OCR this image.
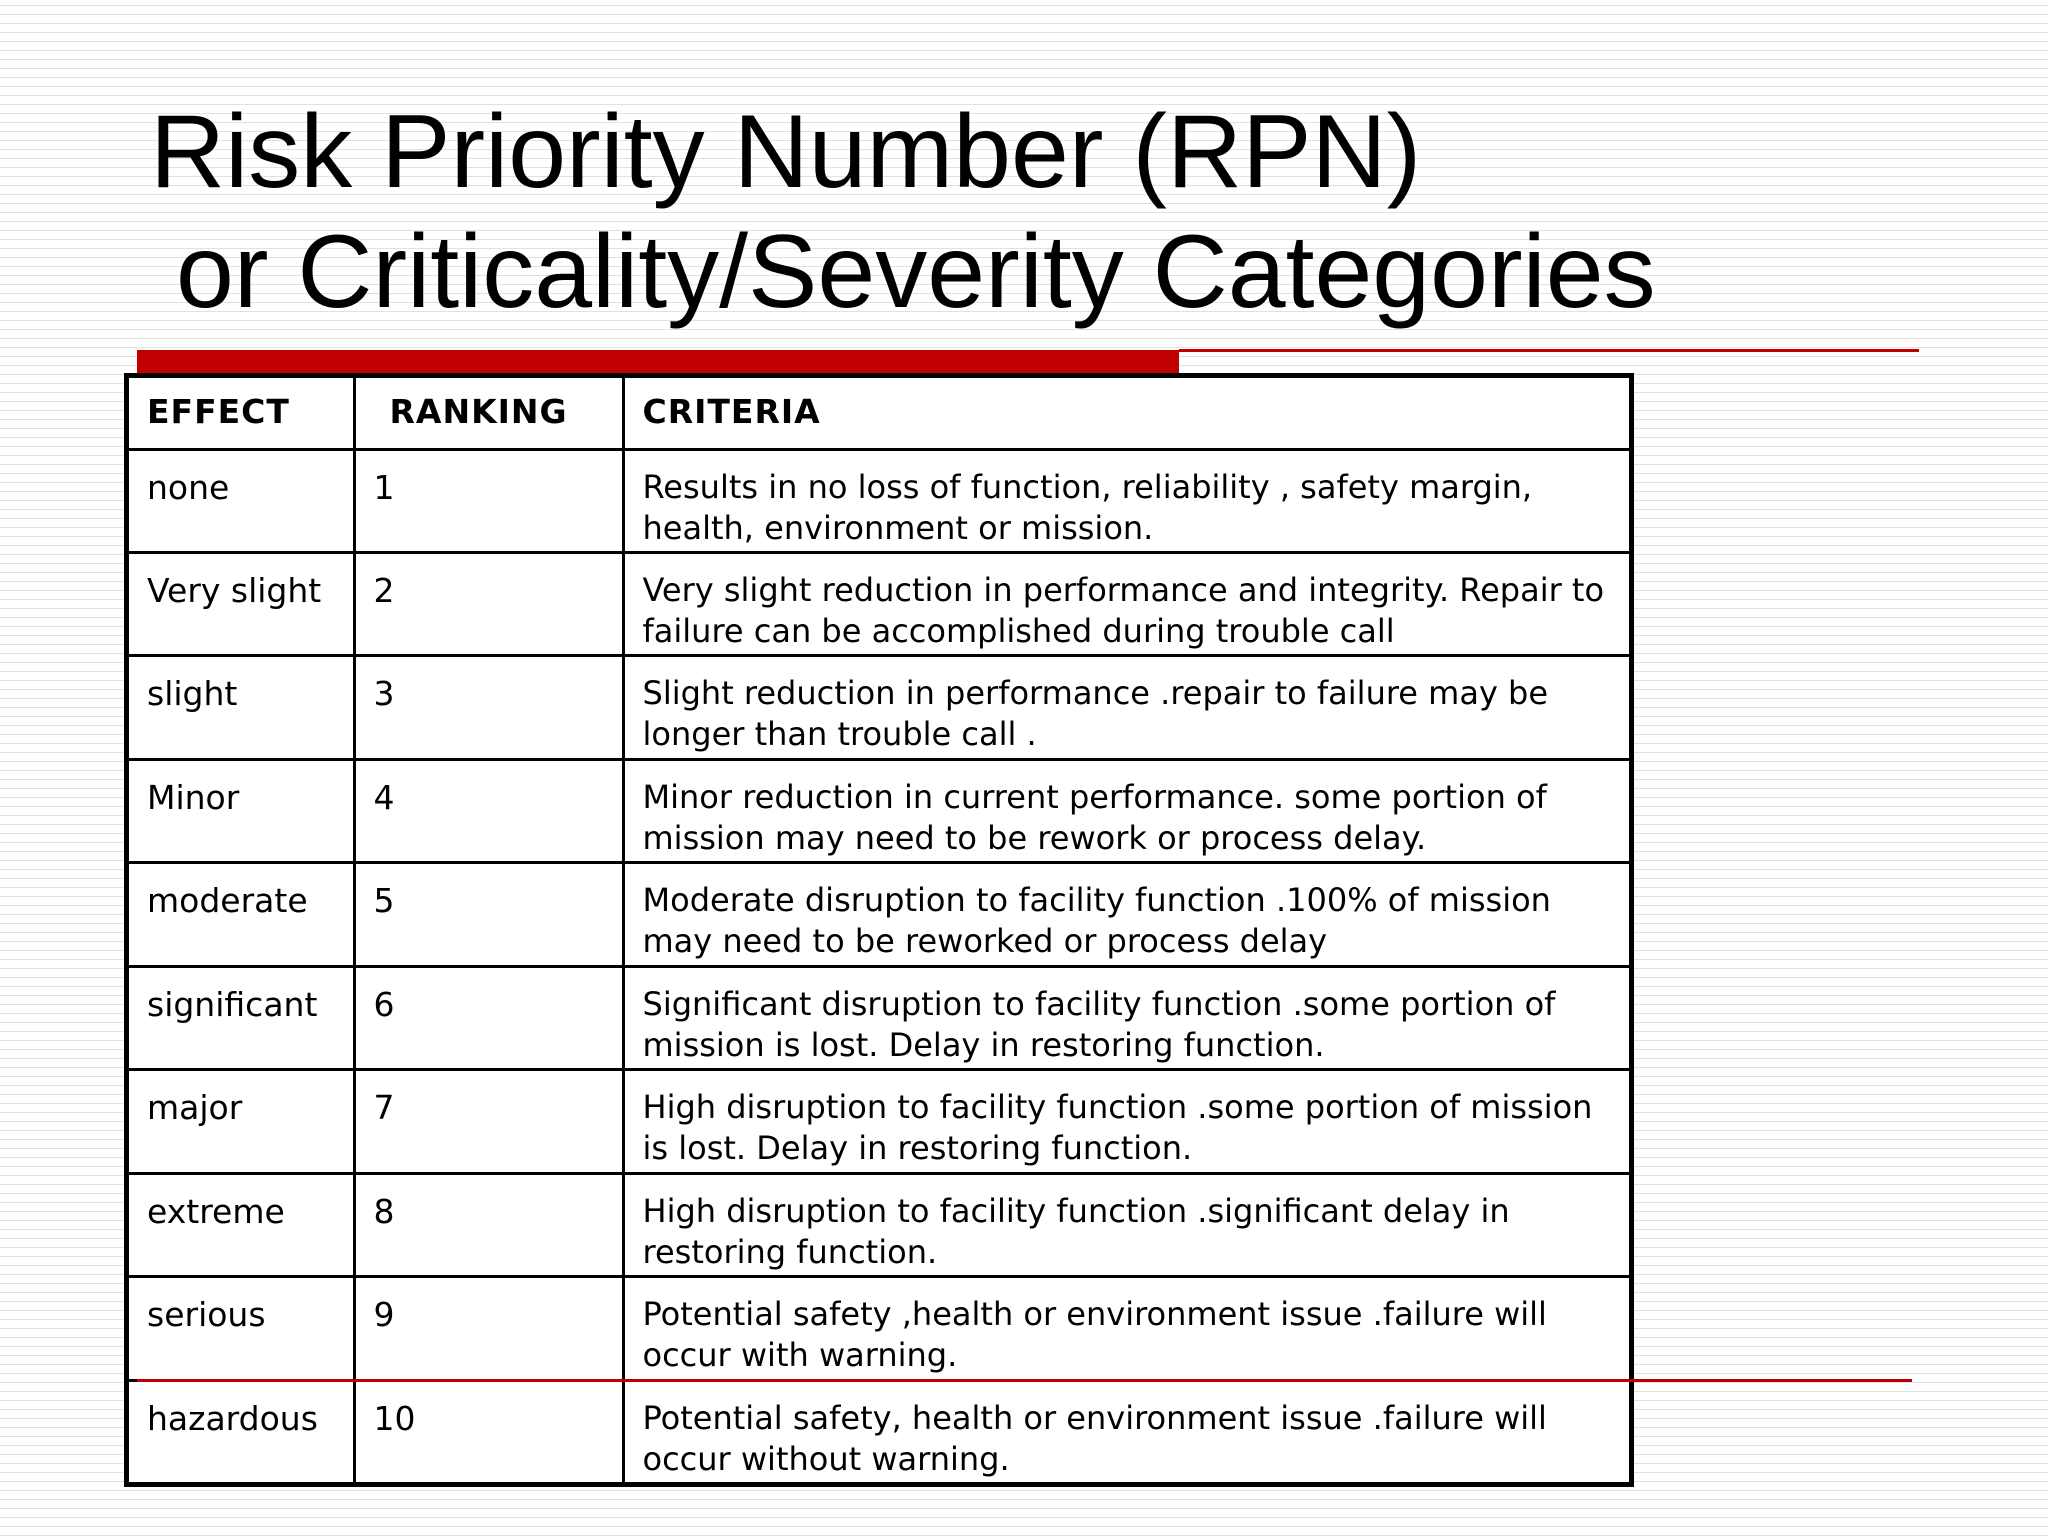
Risk Priority Number (RPN)
or Criticality/Severity Categories
EFFECT	RANKING	CRITERIA
none	1	Results in no loss of function, reliability , safety margin, health, environment or mission.
Very slight	2	Very slight reduction in performance and integrity. Repair to failure can be accomplished during trouble call
slight	3	Slight reduction in performance .repair to failure may be longer than trouble call .
Minor	4	Minor reduction in current performance. some portion of mission may need to be rework or process delay.
moderate	5	Moderate disruption to facility function .100% of mission may need to be reworked or process delay
significant	6	Significant disruption to facility function .some portion of mission is lost. Delay in restoring function.
major	7	High disruption to facility function .some portion of mission is lost. Delay in restoring function.
extreme	8	High disruption to facility function .significant delay in restoring function.
serious	9	Potential safety ,health or environment issue .failure will occur with warning.
hazardous	10	Potential safety, health or environment issue .failure will occur without warning.
